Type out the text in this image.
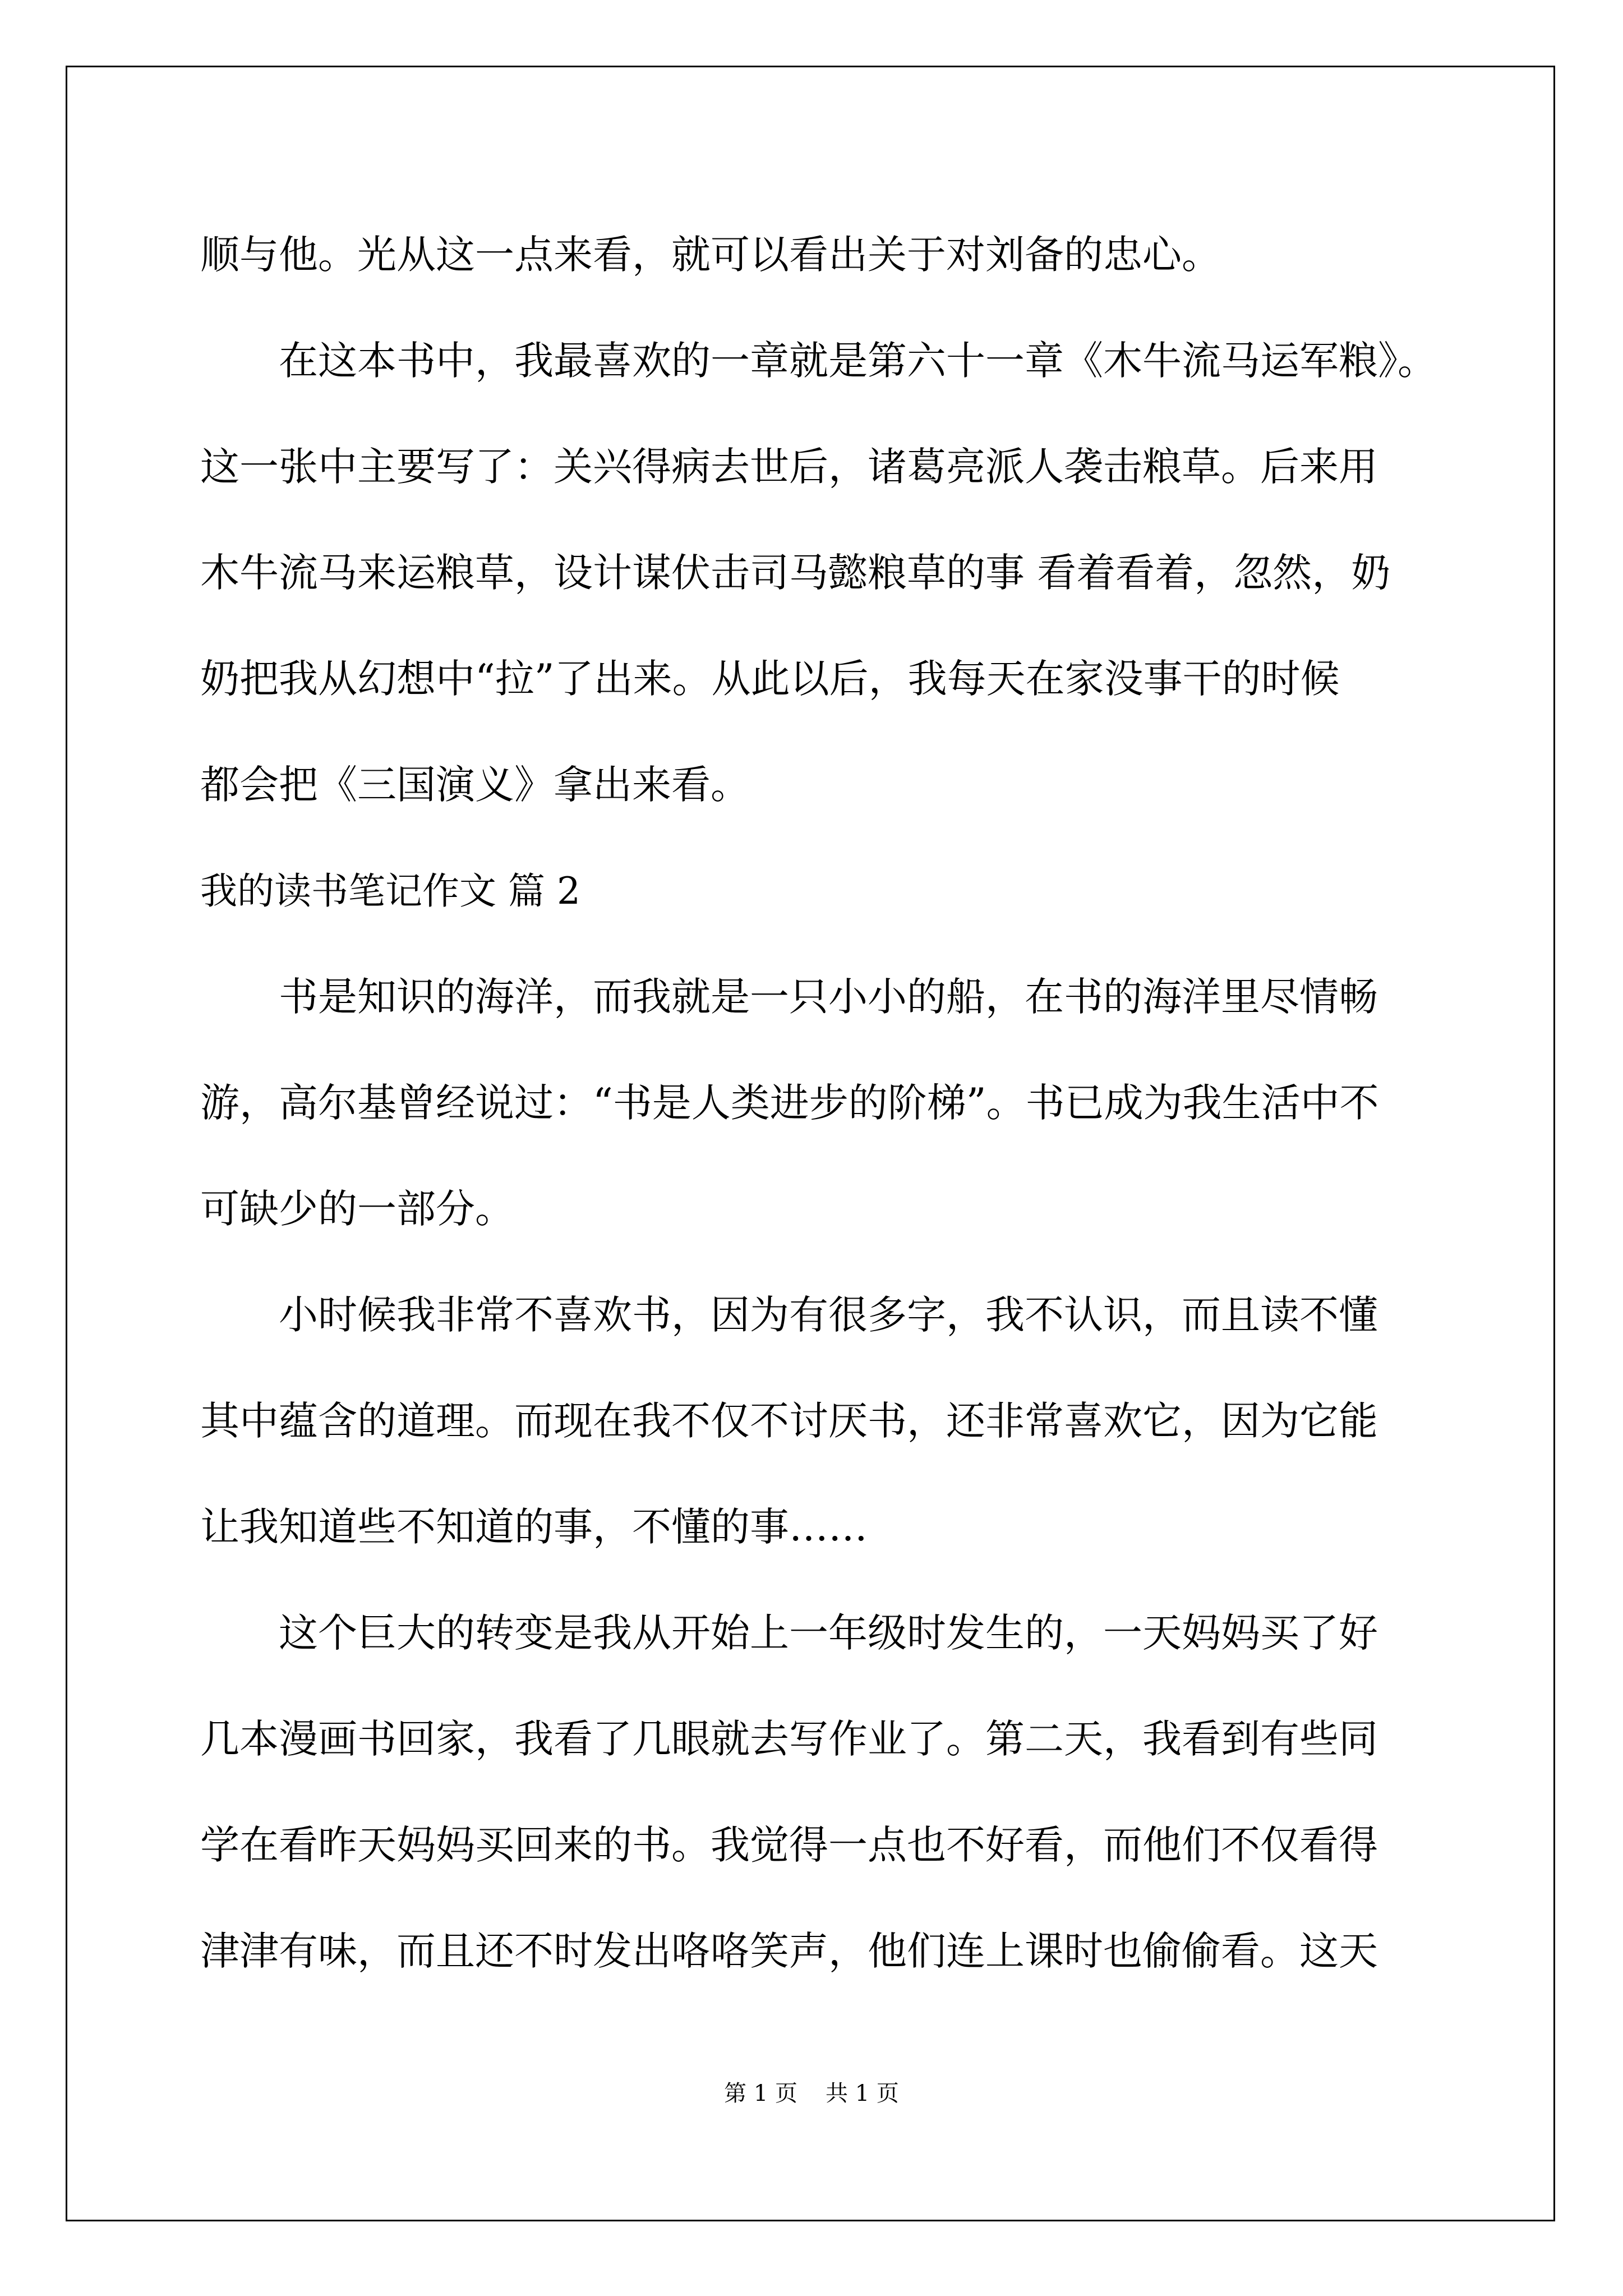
顺与他。光从这一点来看，就可以看出关于对刘备的忠心。
在这本书中，我最喜欢的一章就是第六十一章《木牛流马运军粮》。
这一张中主要写了：关兴得病去世后，诸葛亮派人袭击粮草。后来用
木牛流马来运粮草，设计谋伏击司马懿粮草的事 看着看着，忽然，奶
奶把我从幻想中“拉”了出来。从此以后，我每天在家没事干的时候
都会把《三国演义》拿出来看。
我的读书笔记作文 篇 2
书是知识的海洋，而我就是一只小小的船，在书的海洋里尽情畅
游，高尔基曾经说过：“书是人类进步的阶梯”。书已成为我生活中不
可缺少的一部分。
小时候我非常不喜欢书，因为有很多字，我不认识，而且读不懂
其中蕴含的道理。而现在我不仅不讨厌书，还非常喜欢它，因为它能
让我知道些不知道的事，不懂的事……
这个巨大的转变是我从开始上一年级时发生的，一天妈妈买了好
几本漫画书回家，我看了几眼就去写作业了。第二天，我看到有些同
学在看昨天妈妈买回来的书。我觉得一点也不好看，而他们不仅看得
津津有味，而且还不时发出咯咯笑声，他们连上课时也偷偷看。这天
第 1 页 共 1 页
